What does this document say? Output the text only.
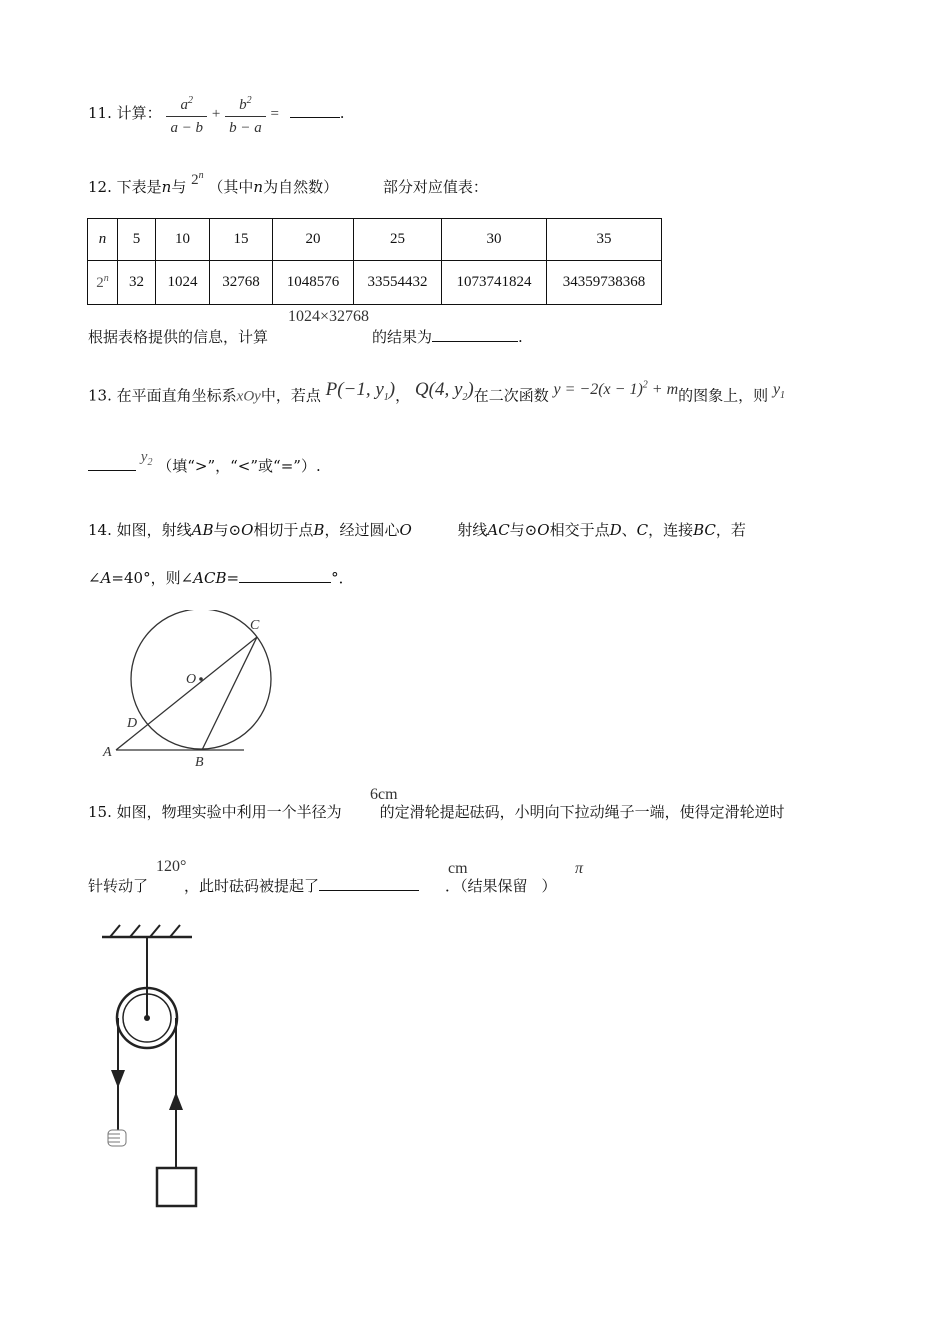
11. 计算： $\frac{a^2}{a - b} + \frac{b^2}{b - a}$ =	.
12. 下表是n与 2$^n$ （其中n为自然数）	部分对应值表：
n	5	10	15	20	25	30	35
2$^n$	32	1024	32768	1048576	33554432	1073741824	34359738368
1024×32768
根据表格提供的信息，计算	的结果为	.
13. 在平面直角坐标系xOy中，若点 P(−1, $y_1$)， Q(4, $y_2$)在二次函数 $y = -2(x - 1)^2 + m$的图象上，则 $y_1$
$y_2$ （填“>”，“<”或“=”）.
14. 如图，射线AB与⊙O相切于点B，经过圆心O	射线AC与⊙O相交于点D、C，连接BC，若
∠A=40°，则∠ACB=	°．
C
O
D
A
B
6cm
15. 如图，物理实验中利用一个半径为	的定滑轮提起砝码，小明向下拉动绳子一端，使得定滑轮逆时
120°	cm	π
针转动了 ，此时砝码被提起了	．（结果保留 ）
